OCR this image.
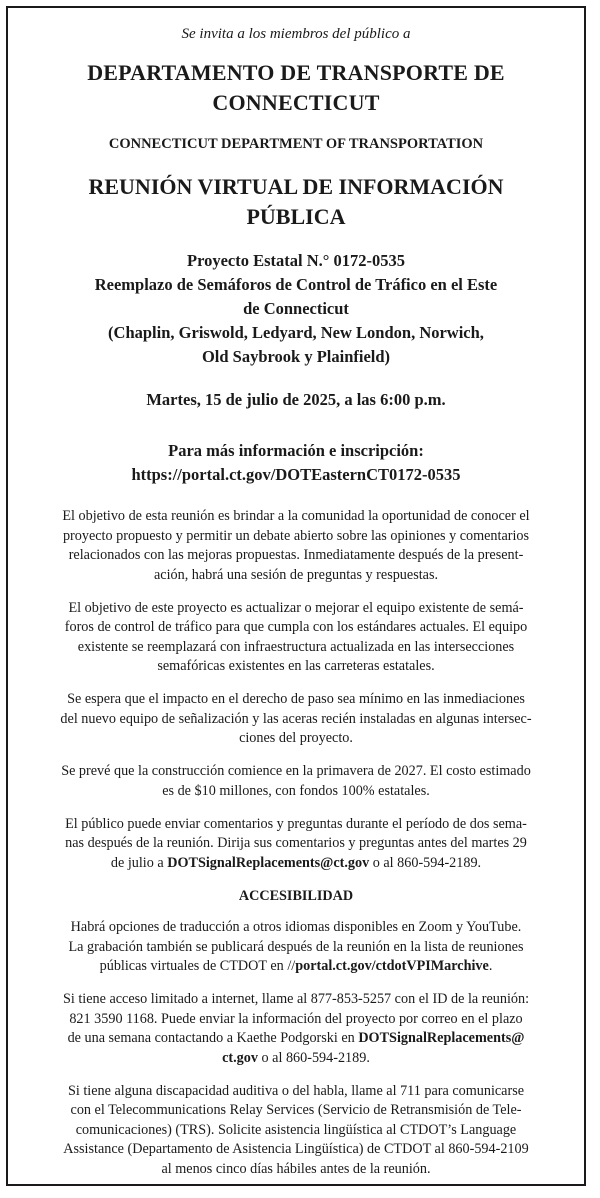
Se invita a los miembros del público a
DEPARTAMENTO DE TRANSPORTE DE
CONNECTICUT
CONNECTICUT DEPARTMENT OF TRANSPORTATION
REUNIÓN VIRTUAL DE INFORMACIÓN
PÚBLICA
Proyecto Estatal N.° 0172-0535
Reemplazo de Semáforos de Control de Tráfico en el Este
de Connecticut
(Chaplin, Griswold, Ledyard, New London, Norwich,
Old Saybrook y Plainfield)
Martes, 15 de julio de 2025, a las 6:00 p.m.
Para más información e inscripción:
https://portal.ct.gov/DOTEasternCT0172-0535

El objetivo de esta reunión es brindar a la comunidad la oportunidad de conocer el
proyecto propuesto y permitir un debate abierto sobre las opiniones y comentarios
relacionados con las mejoras propuestas. Inmediatamente después de la present-
ación, habrá una sesión de preguntas y respuestas.

El objetivo de este proyecto es actualizar o mejorar el equipo existente de semá-
foros de control de tráfico para que cumpla con los estándares actuales. El equipo
existente se reemplazará con infraestructura actualizada en las intersecciones
semafóricas existentes en las carreteras estatales.

Se espera que el impacto en el derecho de paso sea mínimo en las inmediaciones
del nuevo equipo de señalización y las aceras recién instaladas en algunas intersec-
ciones del proyecto.

Se prevé que la construcción comience en la primavera de 2027. El costo estimado
es de $10 millones, con fondos 100% estatales.

El público puede enviar comentarios y preguntas durante el período de dos sema-
nas después de la reunión. Dirija sus comentarios y preguntas antes del martes 29
de julio a DOTSignalReplacements@ct.gov o al 860-594-2189.

ACCESIBILIDAD

Habrá opciones de traducción a otros idiomas disponibles en Zoom y YouTube.
La grabación también se publicará después de la reunión en la lista de reuniones
públicas virtuales de CTDOT en //portal.ct.gov/ctdotVPIMarchive.

Si tiene acceso limitado a internet, llame al 877-853-5257 con el ID de la reunión:
821 3590 1168. Puede enviar la información del proyecto por correo en el plazo
de una semana contactando a Kaethe Podgorski en DOTSignalReplacements@
ct.gov o al 860-594-2189.

Si tiene alguna discapacidad auditiva o del habla, llame al 711 para comunicarse
con el Telecommunications Relay Services (Servicio de Retransmisión de Tele-
comunicaciones) (TRS). Solicite asistencia lingüística al CTDOT’s Language
Assistance (Departamento de Asistencia Lingüística) de CTDOT al 860-594-2109
al menos cinco días hábiles antes de la reunión.
